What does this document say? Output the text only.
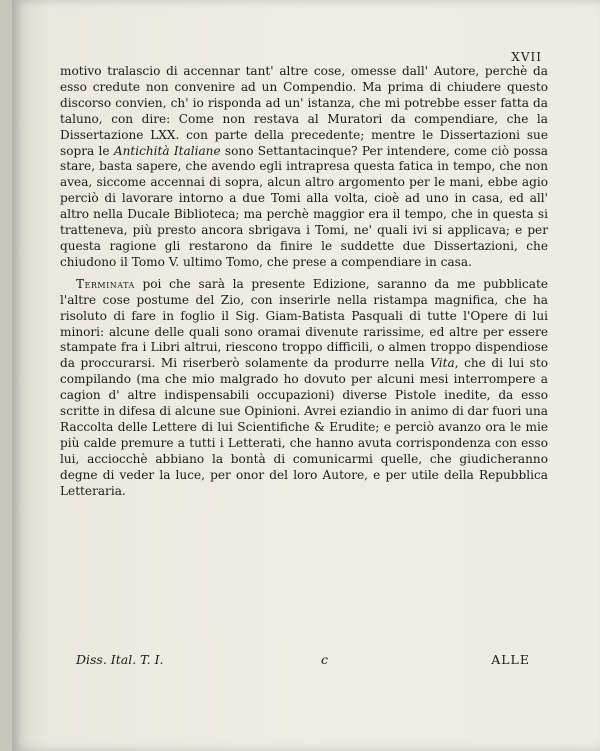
XVII

motivo tralascio di accennar tant' altre cose, omesse dall' Autore, perchè da esso credute non convenire ad un Compendio. Ma prima di chiudere questo discorso convien, ch' io risponda ad un' istanza, che mi potrebbe esser fatta da taluno, con dire: Come non restava al Muratori da compendiare, che la Dissertazione LXX. con parte della precedente; mentre le Dissertazioni sue sopra le Antichità Italiane sono Settantacinque? Per intendere, come ciò possa stare, basta sapere, che avendo egli intrapresa questa fatica in tempo, che non avea, siccome accennai di sopra, alcun altro argomento per le mani, ebbe agio perciò di lavorare intorno a due Tomi alla volta, cioè ad uno in casa, ed all' altro nella Ducale Biblioteca; ma perchè maggior era il tempo, che in questa si tratteneva, più presto ancora sbrigava i Tomi, ne' quali ivi si applicava; e per questa ragione gli restarono da finire le suddette due Dissertazioni, che chiudono il Tomo V. ultimo Tomo, che prese a compendiare in casa.

Terminata poi che sarà la presente Edizione, saranno da me pubblicate l'altre cose postume del Zio, con inserirle nella ristampa magnifica, che ha risoluto di fare in foglio il Sig. Giam-Batista Pasquali di tutte l'Opere di lui minori: alcune delle quali sono oramai divenute rarissime, ed altre per essere stampate fra i Libri altrui, riescono troppo difficili, o almen troppo dispendiose da proccurarsi. Mi riserberò solamente da produrre nella Vita, che di lui sto compilando (ma che mio malgrado ho dovuto per alcuni mesi interrompere a cagion d' altre indispensabili occupazioni) diverse Pistole inedite, da esso scritte in difesa di alcune sue Opinioni. Avrei eziandio in animo di dar fuori una Raccolta delle Lettere di lui Scientifiche & Erudite; e perciò avanzo ora le mie più calde premure a tutti i Letterati, che hanno avuta corrispondenza con esso lui, acciocchè abbiano la bontà di comunicarmi quelle, che giudicheranno degne di veder la luce, per onor del loro Autore, e per utile della Repubblica Letteraria.

Diss. Ital. T. I.	c	ALLE
